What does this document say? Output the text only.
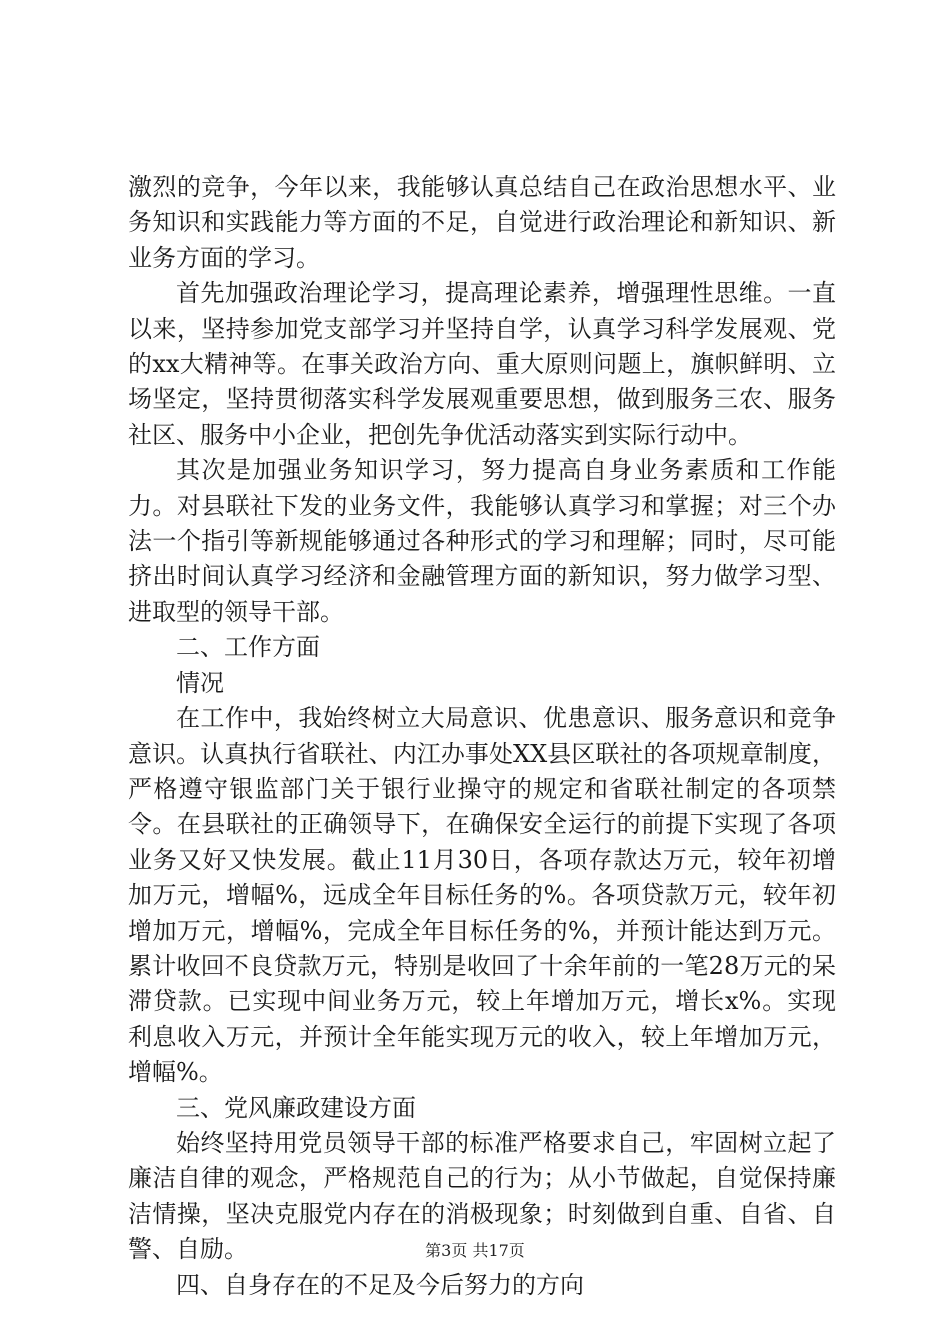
激烈的竞争，今年以来，我能够认真总结自己在政治思想水平、业务知识和实践能力等方面的不足，自觉进行政治理论和新知识、新业务方面的学习。

首先加强政治理论学习，提高理论素养，增强理性思维。一直以来，坚持参加党支部学习并坚持自学，认真学习科学发展观、党的xx大精神等。在事关政治方向、重大原则问题上，旗帜鲜明、立场坚定，坚持贯彻落实科学发展观重要思想，做到服务三农、服务社区、服务中小企业，把创先争优活动落实到实际行动中。

其次是加强业务知识学习，努力提高自身业务素质和工作能力。对县联社下发的业务文件，我能够认真学习和掌握；对三个办法一个指引等新规能够通过各种形式的学习和理解；同时，尽可能挤出时间认真学习经济和金融管理方面的新知识，努力做学习型、进取型的领导干部。

二、工作方面

情况

在工作中，我始终树立大局意识、优患意识、服务意识和竞争意识。认真执行省联社、内江办事处XX县区联社的各项规章制度，严格遵守银监部门关于银行业操守的规定和省联社制定的各项禁令。在县联社的正确领导下，在确保安全运行的前提下实现了各项业务又好又快发展。截止11月30日，各项存款达万元，较年初增加万元，增幅%，远成全年目标任务的%。各项贷款万元，较年初增加万元，增幅%，完成全年目标任务的%，并预计能达到万元。累计收回不良贷款万元，特别是收回了十余年前的一笔28万元的呆滞贷款。已实现中间业务万元，较上年增加万元，增长x%。实现利息收入万元，并预计全年能实现万元的收入，较上年增加万元，增幅%。

三、党风廉政建设方面

始终坚持用党员领导干部的标准严格要求自己，牢固树立起了廉洁自律的观念，严格规范自己的行为；从小节做起，自觉保持廉洁情操，坚决克服党内存在的消极现象；时刻做到自重、自省、自警、自励。

四、自身存在的不足及今后努力的方向

第3页 共17页
